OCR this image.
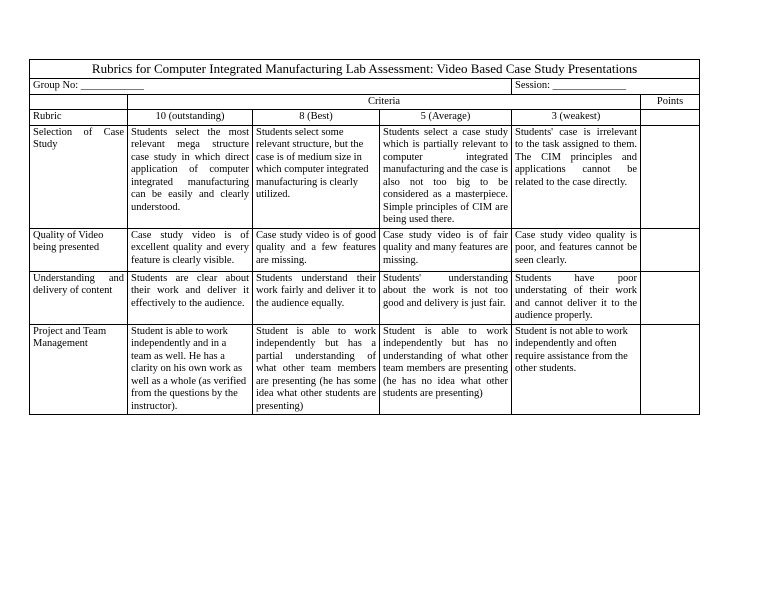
Rubrics for Computer Integrated Manufacturing Lab Assessment: Video Based Case Study Presentations					
Group No: ____________				Session: ______________	
	Criteria				Points
Rubric	10 (outstanding)	8 (Best)	5 (Average)	3 (weakest)	
Selection of Case Study	Students select the most relevant mega structure case study in which direct application of computer integrated manufacturing can be easily and clearly understood.	Students select some relevant structure, but the case is of medium size in which computer integrated manufacturing is clearly utilized.	Students select a case study which is partially relevant to computer integrated manufacturing and the case is also not too big to be considered as a masterpiece. Simple principles of CIM are being used there.	Students' case is irrelevant to the task assigned to them. The CIM principles and applications cannot be related to the case directly.	
Quality of Video being presented	Case study video is of excellent quality and every feature is clearly visible.	Case study video is of good quality and a few features are missing.	Case study video is of fair quality and many features are missing.	Case study video quality is poor, and features cannot be seen clearly.	
Understanding and delivery of content	Students are clear about their work and deliver it effectively to the audience.	Students understand their work fairly and deliver it to the audience equally.	Students' understanding about the work is not too good and delivery is just fair.	Students have poor understating of their work and cannot deliver it to the audience properly.	
Project and Team Management	Student is able to work independently and in a team as well. He has a clarity on his own work as well as a whole (as verified from the questions by the instructor).	Student is able to work independently but has a partial understanding of what other team members are presenting (he has some idea what other students are presenting)	Student is able to work independently but has no understanding of what other team members are presenting (he has no idea what other students are presenting)	Student is not able to work independently and often require assistance from the other students.	
